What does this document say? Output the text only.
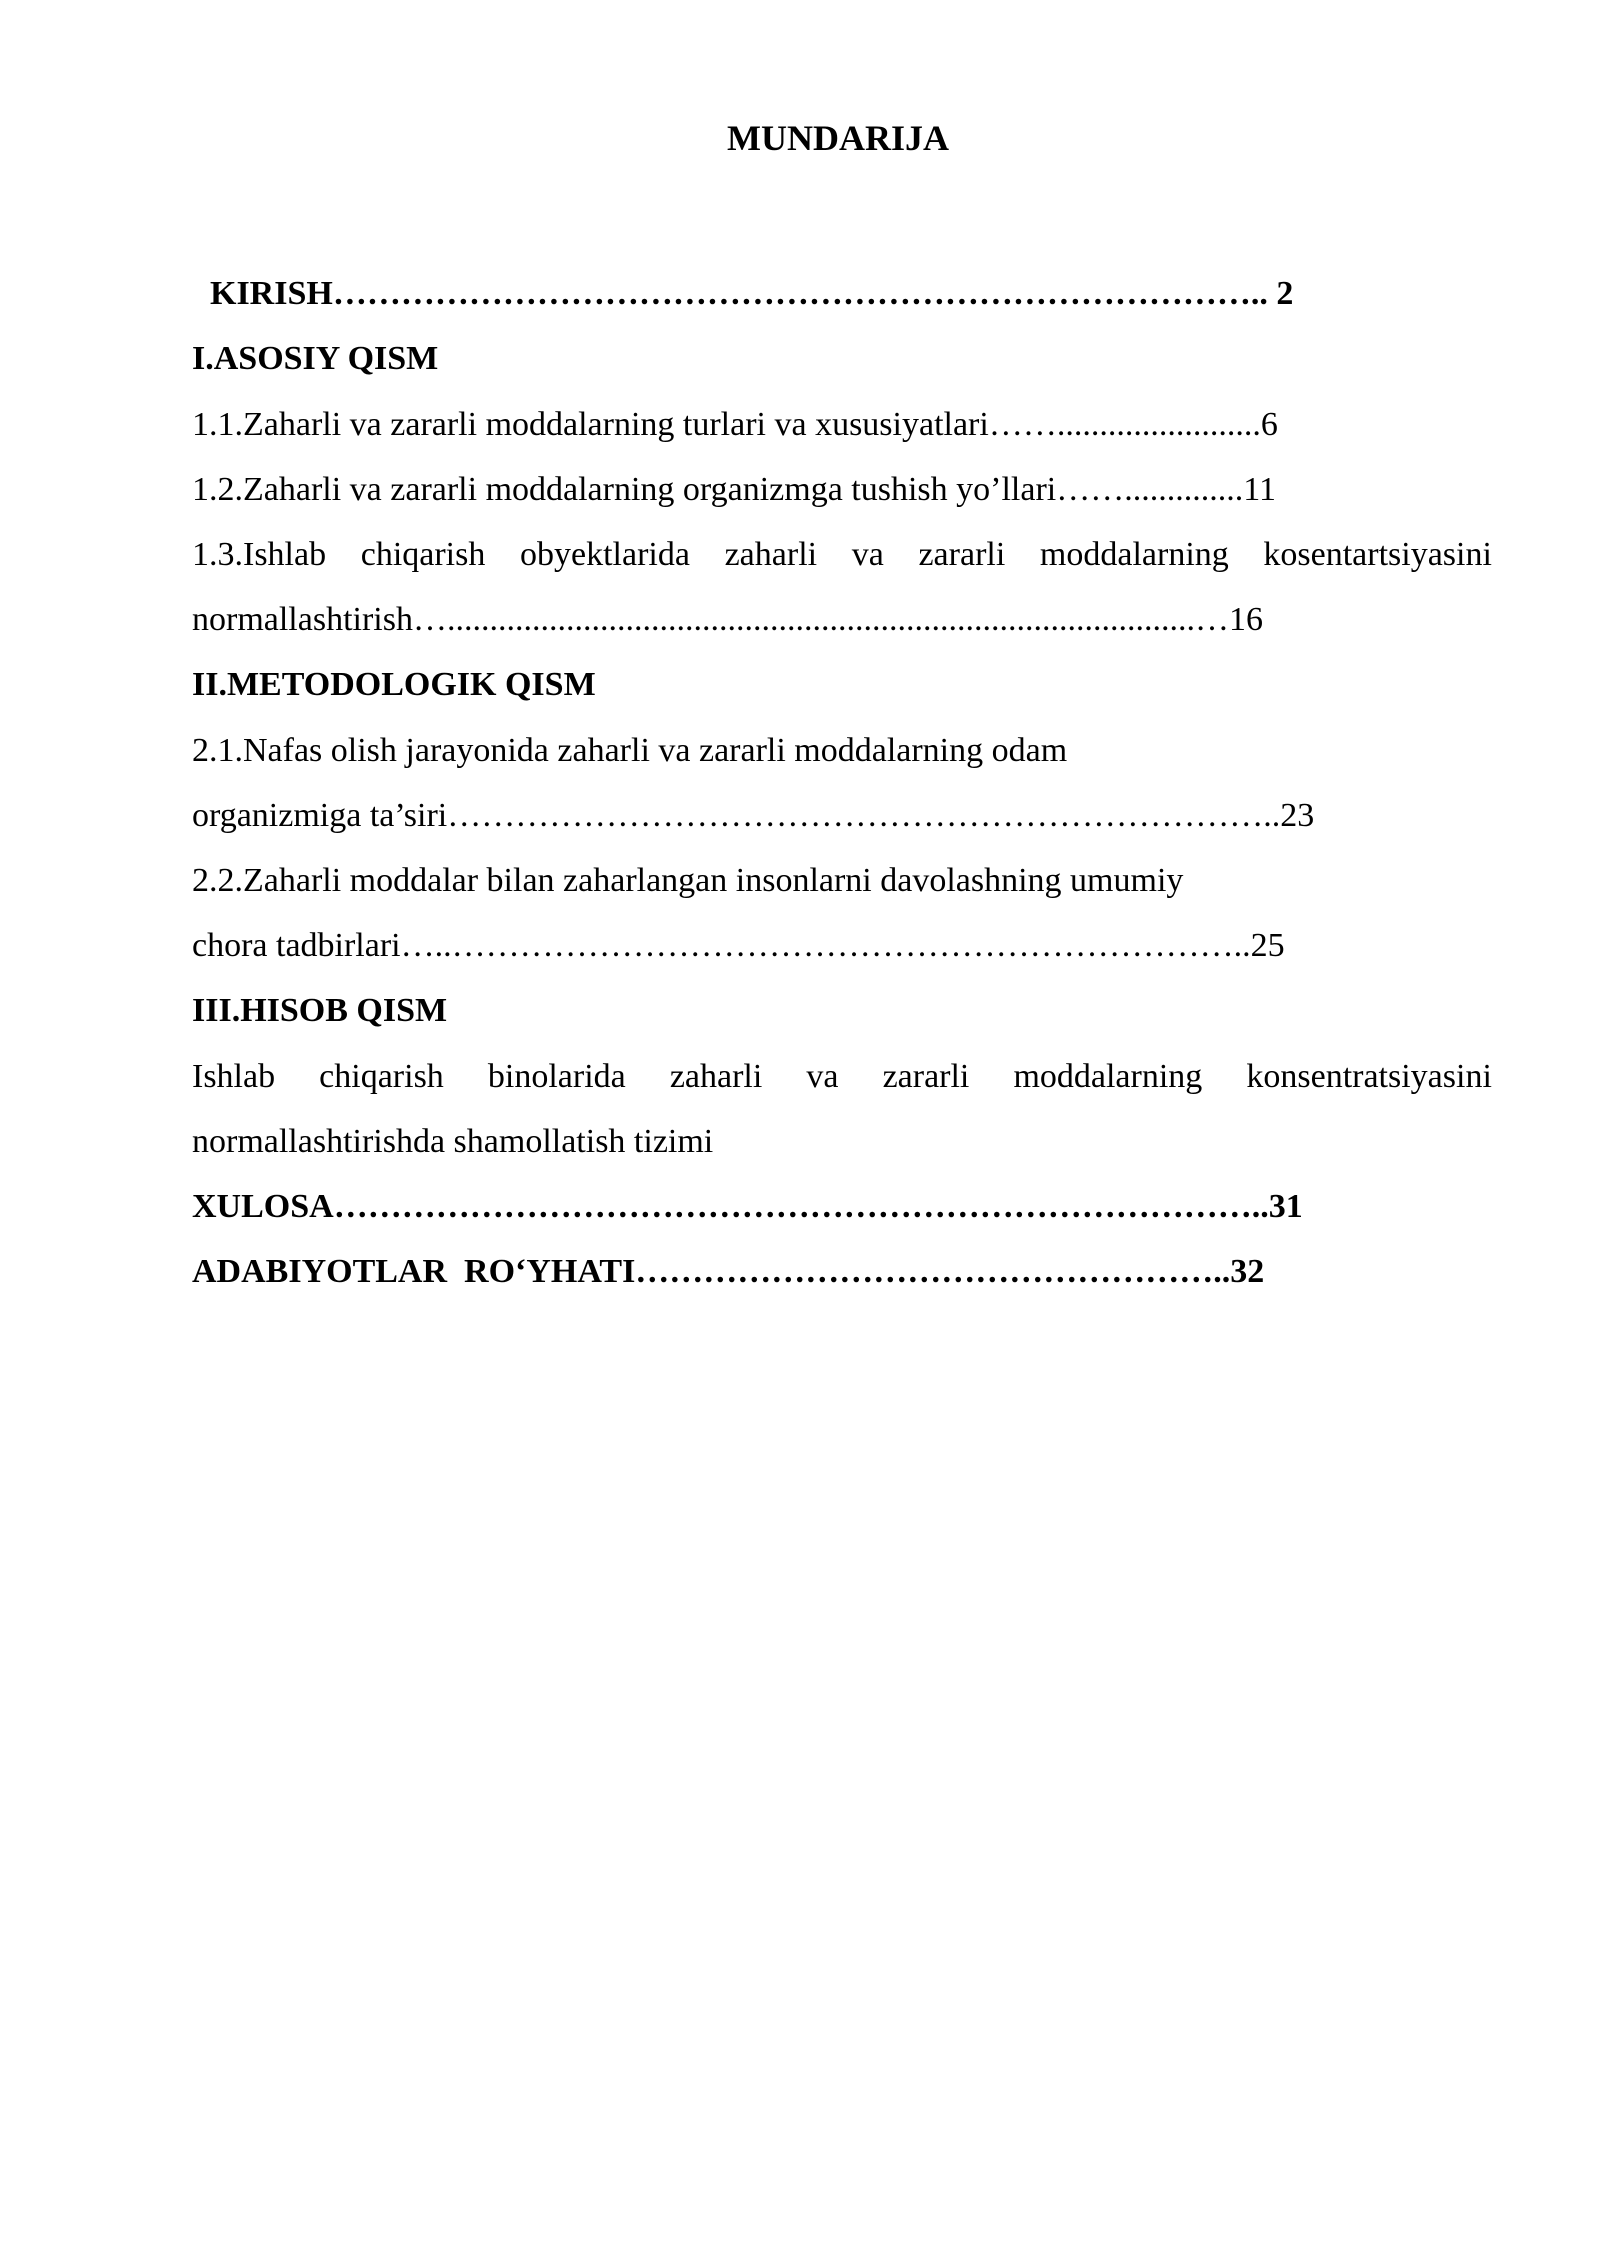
MUNDARIJA
KIRISH……………………………………………………………………….. 2
I.ASOSIY QISM
1.1.Zaharli va zararli moddalarning turlari va xususiyatlari……........................6
1.2.Zaharli va zararli moddalarning organizmga tushish yo’llari……..............11
1.3.Ishlab chiqarish obyektlarida zaharli va zararli moddalarning kosentartsiyasini
normallashtirish…........................................................................................…16
II.METODOLOGIK QISM
2.1.Nafas olish jarayonida zaharli va zararli moddalarning odam
organizmiga ta’siri………………………………………………………………..23
2.2.Zaharli moddalar bilan zaharlangan insonlarni davolashning umumiy
chora tadbirlari…..……………………………………………………………..25
III.HISOB QISM
Ishlab chiqarish binolarida zaharli va zararli moddalarning konsentratsiyasini
normallashtirishda shamollatish tizimi
XULOSA………………………………………………………………………..31
ADABIYOTLAR  RO‘YHATI……………………………………………..32
